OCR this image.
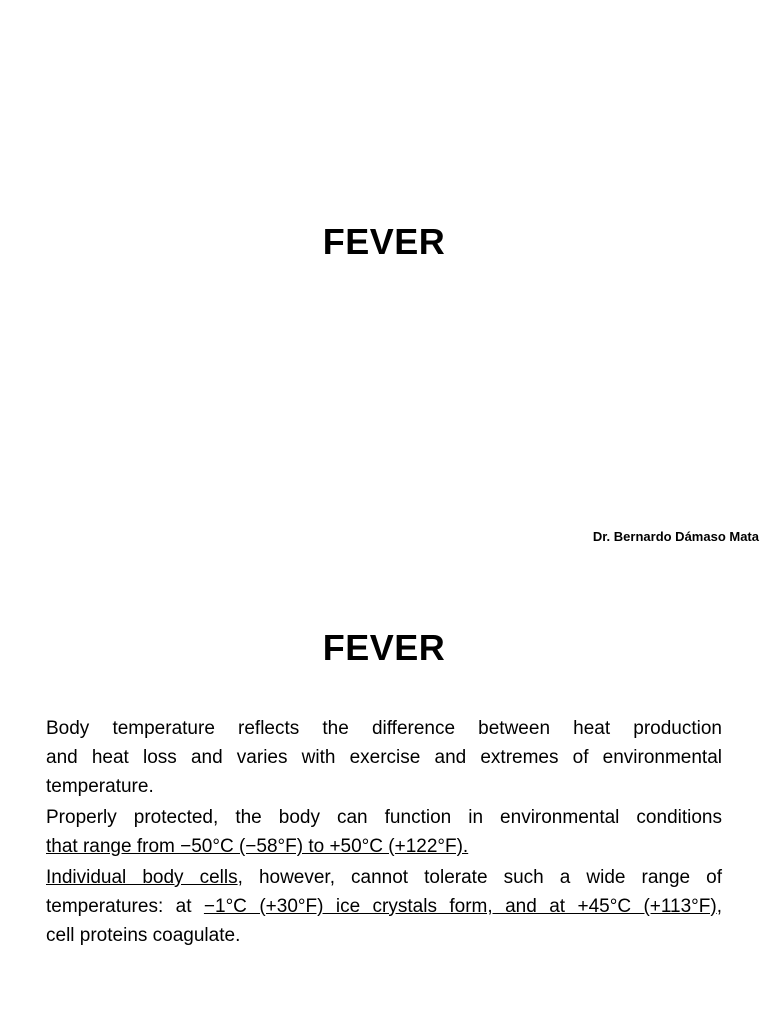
FEVER
Dr. Bernardo Dámaso Mata
FEVER

Body temperature reflects the difference between heat production
and heat loss and varies with exercise and extremes of environmental
temperature.

Properly protected, the body can function in environmental conditions
that range from −50°C (−58°F) to +50°C (+122°F).

Individual body cells, however, cannot tolerate such a wide range of
temperatures: at −1°C (+30°F) ice crystals form, and at +45°C (+113°F),
cell proteins coagulate.
